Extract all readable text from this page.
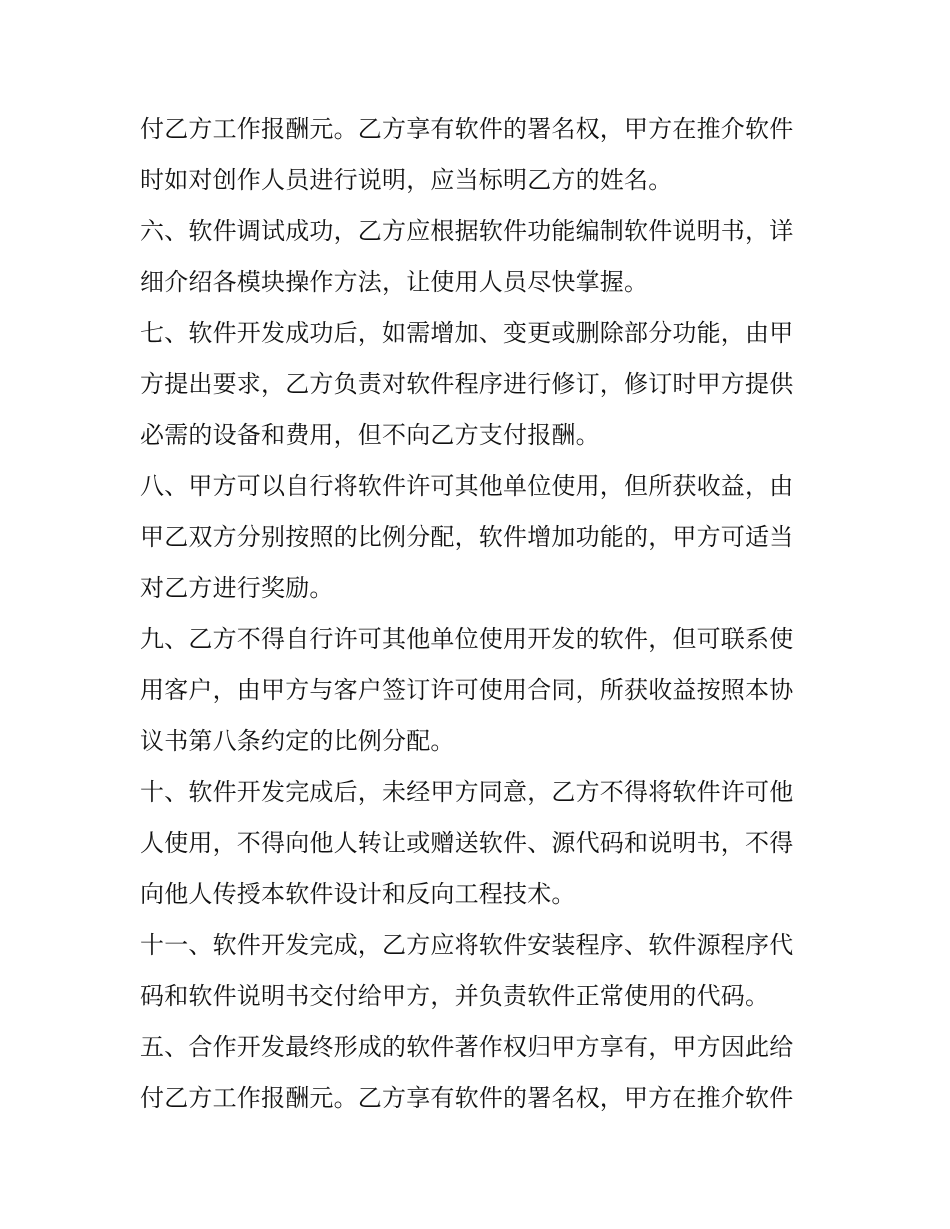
付乙方工作报酬元。乙方享有软件的署名权，甲方在推介软件
时如对创作人员进行说明，应当标明乙方的姓名。
六、软件调试成功，乙方应根据软件功能编制软件说明书，详
细介绍各模块操作方法，让使用人员尽快掌握。
七、软件开发成功后，如需增加、变更或删除部分功能，由甲
方提出要求，乙方负责对软件程序进行修订，修订时甲方提供
必需的设备和费用，但不向乙方支付报酬。
八、甲方可以自行将软件许可其他单位使用，但所获收益，由
甲乙双方分别按照的比例分配，软件增加功能的，甲方可适当
对乙方进行奖励。
九、乙方不得自行许可其他单位使用开发的软件，但可联系使
用客户，由甲方与客户签订许可使用合同，所获收益按照本协
议书第八条约定的比例分配。
十、软件开发完成后，未经甲方同意，乙方不得将软件许可他
人使用，不得向他人转让或赠送软件、源代码和说明书，不得
向他人传授本软件设计和反向工程技术。
十一、软件开发完成，乙方应将软件安装程序、软件源程序代
码和软件说明书交付给甲方，并负责软件正常使用的代码。
五、合作开发最终形成的软件著作权归甲方享有，甲方因此给
付乙方工作报酬元。乙方享有软件的署名权，甲方在推介软件
